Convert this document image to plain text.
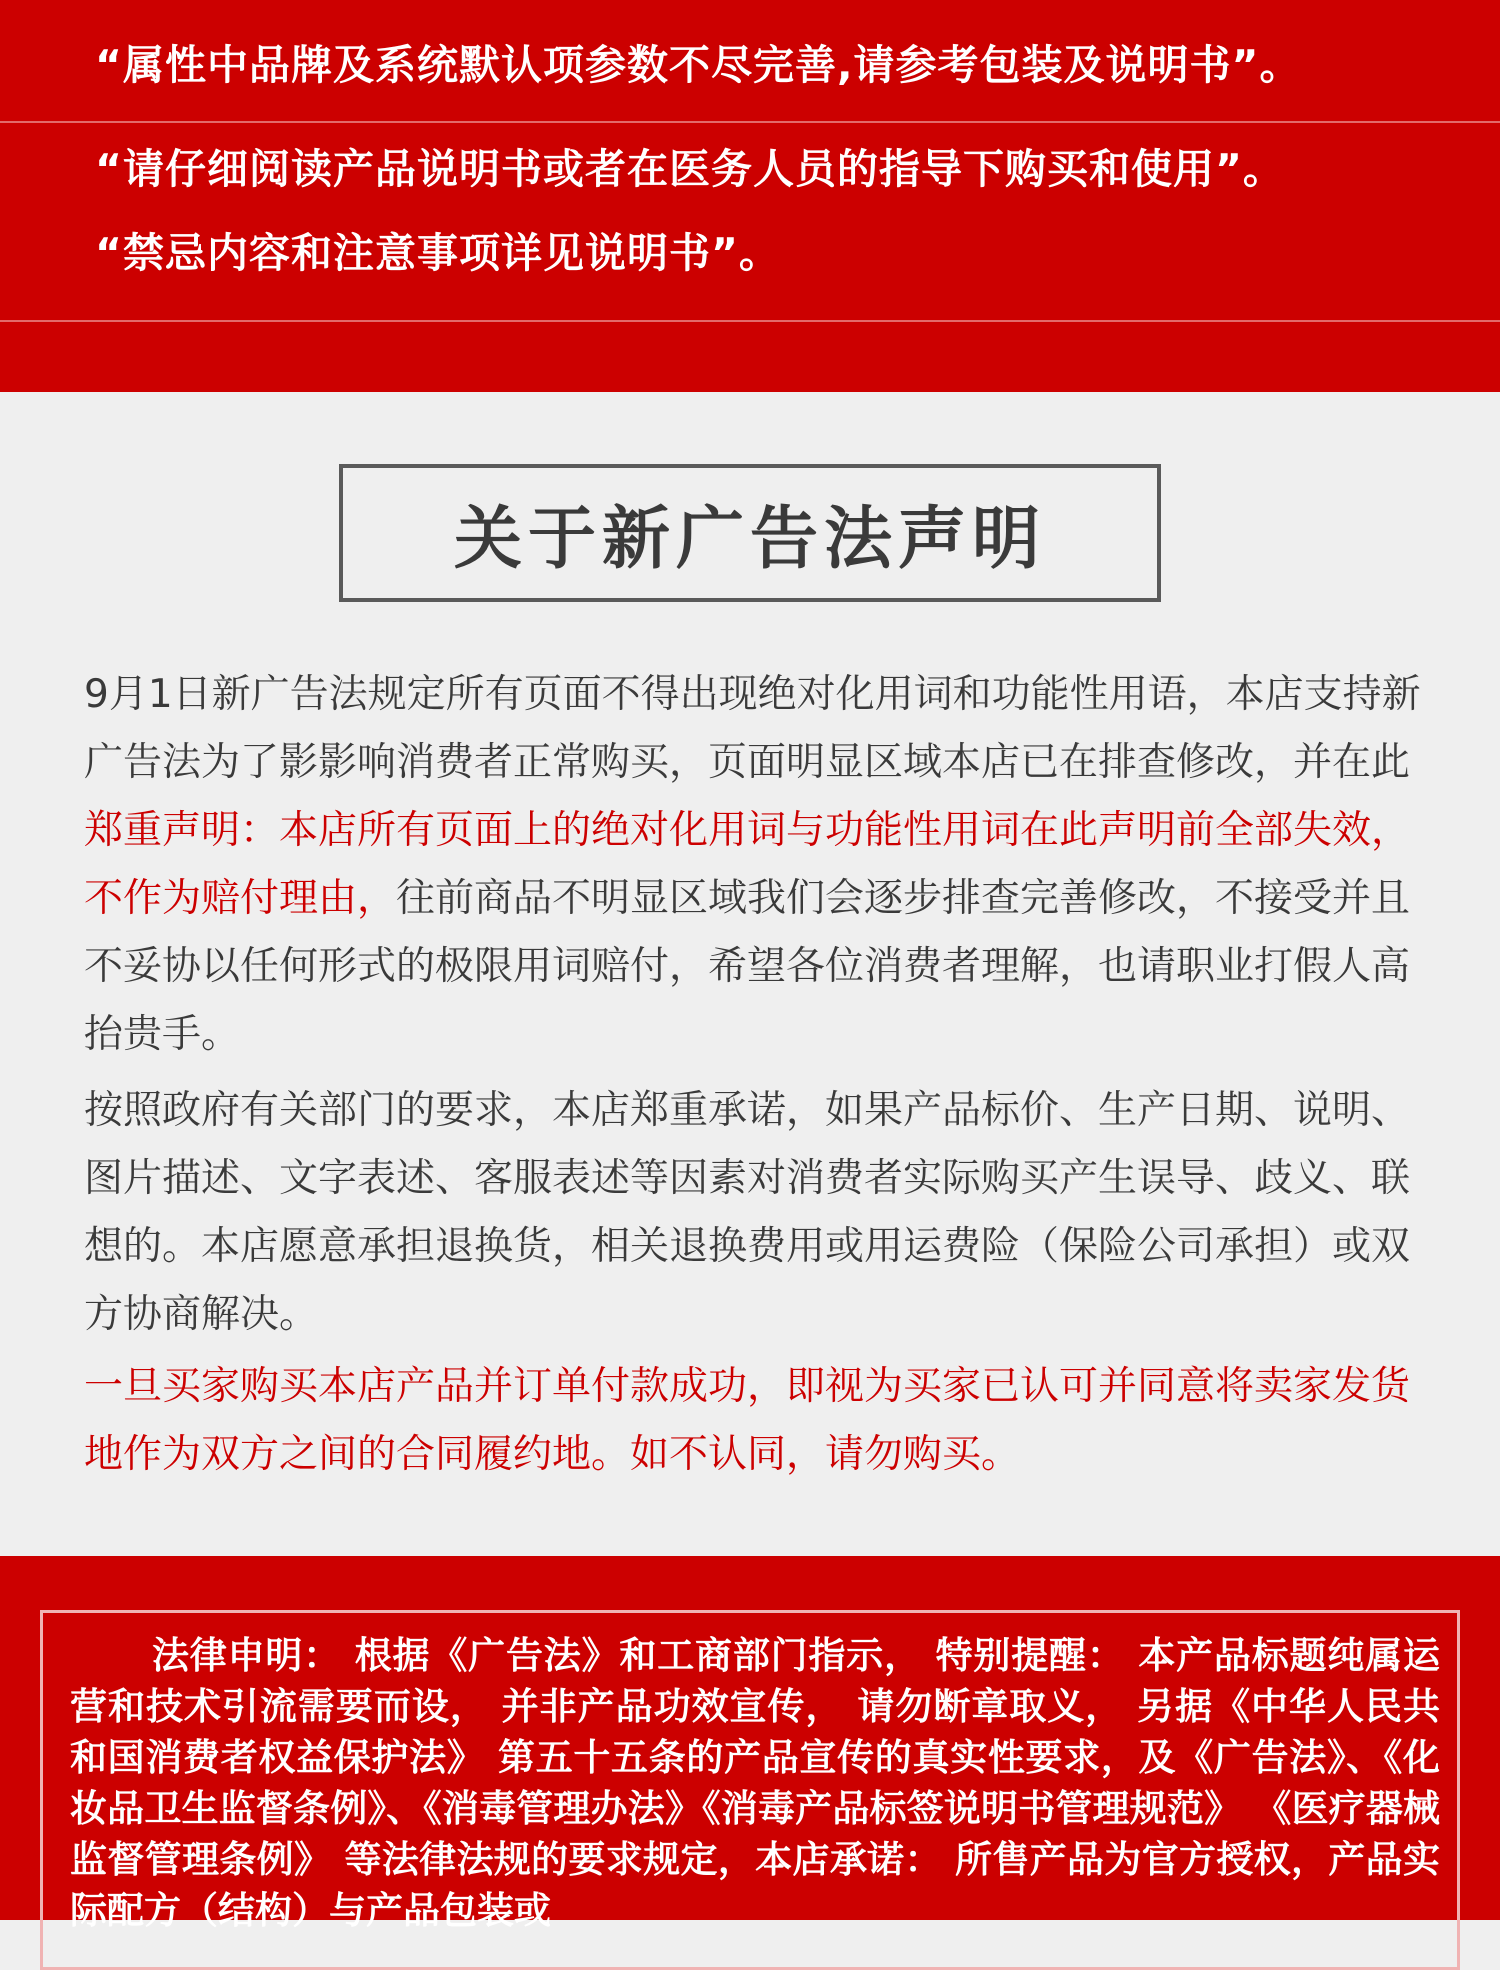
“属性中品牌及系统默认项参数不尽完善,请参考包装及说明书”。
“请仔细阅读产品说明书或者在医务人员的指导下购买和使用”。
“禁忌内容和注意事项详见说明书”。
关于新广告法声明

9月1日新广告法规定所有页面不得出现绝对化用词和功能性用语，本店支持新广告法为了影影响消费者正常购买，页面明显区域本店已在排查修改，并在此郑重声明：本店所有页面上的绝对化用词与功能性用词在此声明前全部失效，不作为赔付理由，往前商品不明显区域我们会逐步排查完善修改，不接受并且不妥协以任何形式的极限用词赔付，希望各位消费者理解，也请职业打假人高抬贵手。

按照政府有关部门的要求，本店郑重承诺，如果产品标价、生产日期、说明、图片描述、文字表述、客服表述等因素对消费者实际购买产生误导、歧义、联想的。本店愿意承担退换货，相关退换费用或用运费险（保险公司承担）或双方协商解决。

一旦买家购买本店产品并订单付款成功，即视为买家已认可并同意将卖家发货地作为双方之间的合同履约地。如不认同，请勿购买。

法律申明： 根据《广告法》和工商部门指示， 特别提醒： 本产品标题纯属运营和技术引流需要而设， 并非产品功效宣传， 请勿断章取义， 另据《中华人民共和国消费者权益保护法》 第五十五条的产品宣传的真实性要求，及《广告法》、《化妆品卫生监督条例》、《消毒管理办法》《消毒产品标签说明书管理规范》 《医疗器械监督管理条例》 等法律法规的要求规定，本店承诺： 所售产品为官方授权，产品实际配方（结构）与产品包装或
